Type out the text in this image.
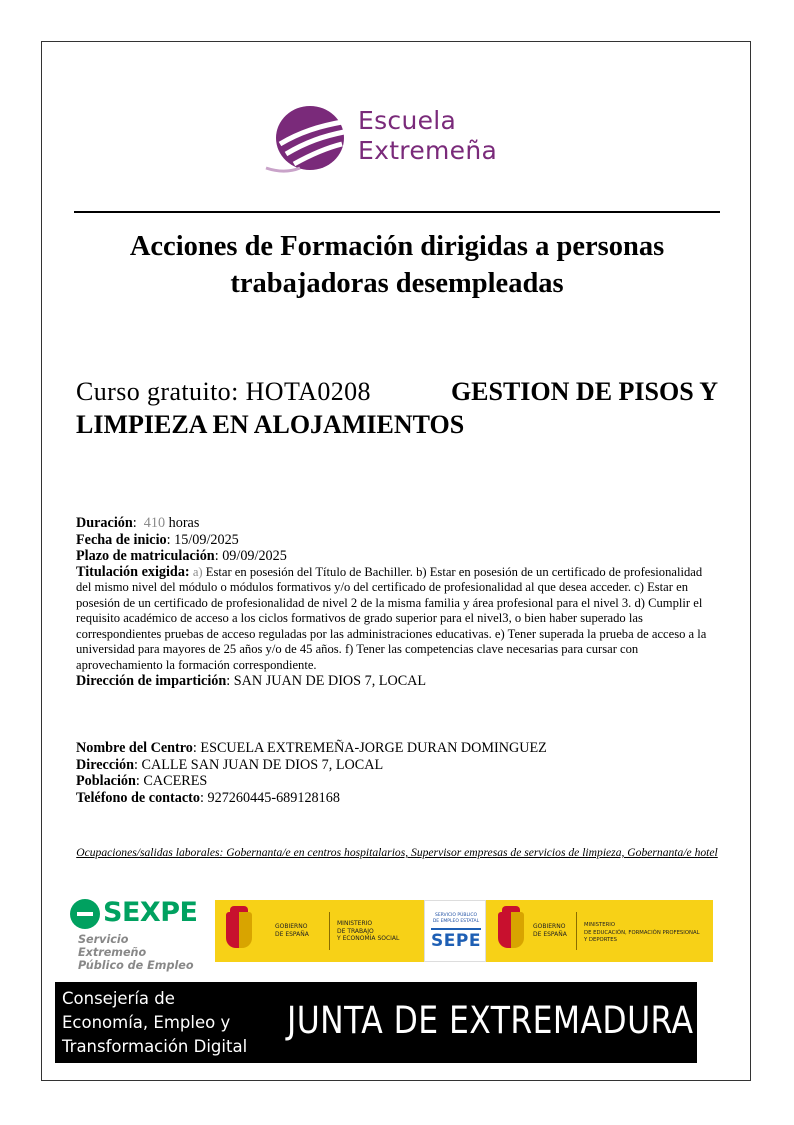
Escuela
Extremeña
Acciones de Formación dirigidas a personas trabajadoras desempleadas
Curso gratuito: HOTA0208	GESTION DE PISOS Y
LIMPIEZA EN ALOJAMIENTOS
Duración:  410 horas
Fecha de inicio: 15/09/2025
Plazo de matriculación: 09/09/2025
Titulación exigida: a) Estar en posesión del Título de Bachiller. b) Estar en posesión de un certificado de profesionalidad del mismo nivel del módulo o módulos formativos y/o del certificado de profesionalidad al que desea acceder. c) Estar en posesión de un certificado de profesionalidad de nivel 2 de la misma familia y área profesional para el nivel 3. d) Cumplir el requisito académico de acceso a los ciclos formativos de grado superior para el nivel3, o bien haber superado las correspondientes pruebas de acceso reguladas por las administraciones educativas. e) Tener superada la prueba de acceso a la universidad para mayores de 25 años y/o de 45 años. f) Tener las competencias clave necesarias para cursar con aprovechamiento la formación correspondiente.
Dirección de impartición: SAN JUAN DE DIOS 7, LOCAL
Nombre del Centro: ESCUELA EXTREMEÑA-JORGE DURAN DOMINGUEZ
Dirección: CALLE SAN JUAN DE DIOS 7, LOCAL
Población: CACERES
Teléfono de contacto: 927260445-689128168
Ocupaciones/salidas laborales: Gobernanta/e en centros hospitalarios, Supervisor empresas de servicios de limpieza, Gobernanta/e hotel
SEXPE
Servicio Extremeño
Público de Empleo
GOBIERNO
DE ESPAÑA
MINISTERIO
DE TRABAJO
Y ECONOMÍA SOCIAL
SERVICIO PÚBLICO
DE EMPLEO ESTATAL
SEPE
GOBIERNO
DE ESPAÑA
MINISTERIO
DE EDUCACIÓN, FORMACIÓN PROFESIONAL
Y DEPORTES
Consejería de
Economía, Empleo y
Transformación Digital
JUNTA DE EXTREMADURA
